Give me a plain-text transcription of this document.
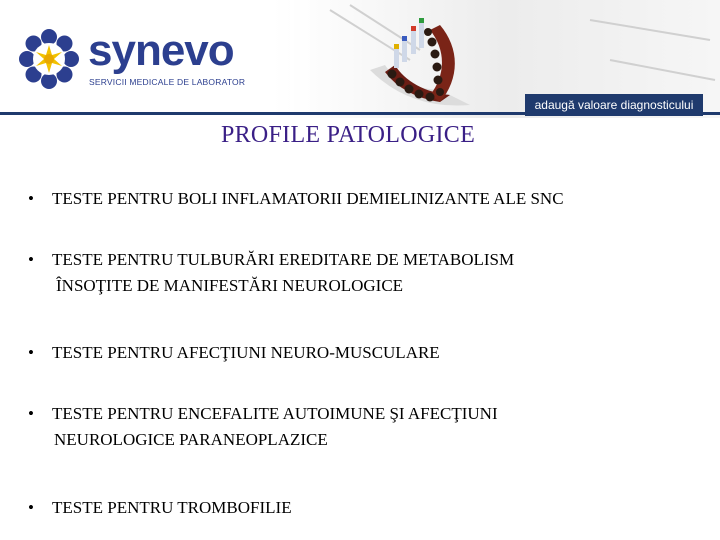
synevo
SERVICII MEDICALE DE LABORATOR
adaugă valoare diagnosticului
PROFILE PATOLOGICE
• TESTE PENTRU BOLI INFLAMATORII DEMIELINIZANTE ALE SNC
• TESTE PENTRU TULBURĂRI EREDITARE DE METABOLISM
ÎNSOŢITE DE MANIFESTĂRI NEUROLOGICE
• TESTE PENTRU AFECŢIUNI NEURO-MUSCULARE
• TESTE PENTRU ENCEFALITE AUTOIMUNE ŞI AFECŢIUNI
NEUROLOGICE PARANEOPLAZICE
• TESTE PENTRU TROMBOFILIE
